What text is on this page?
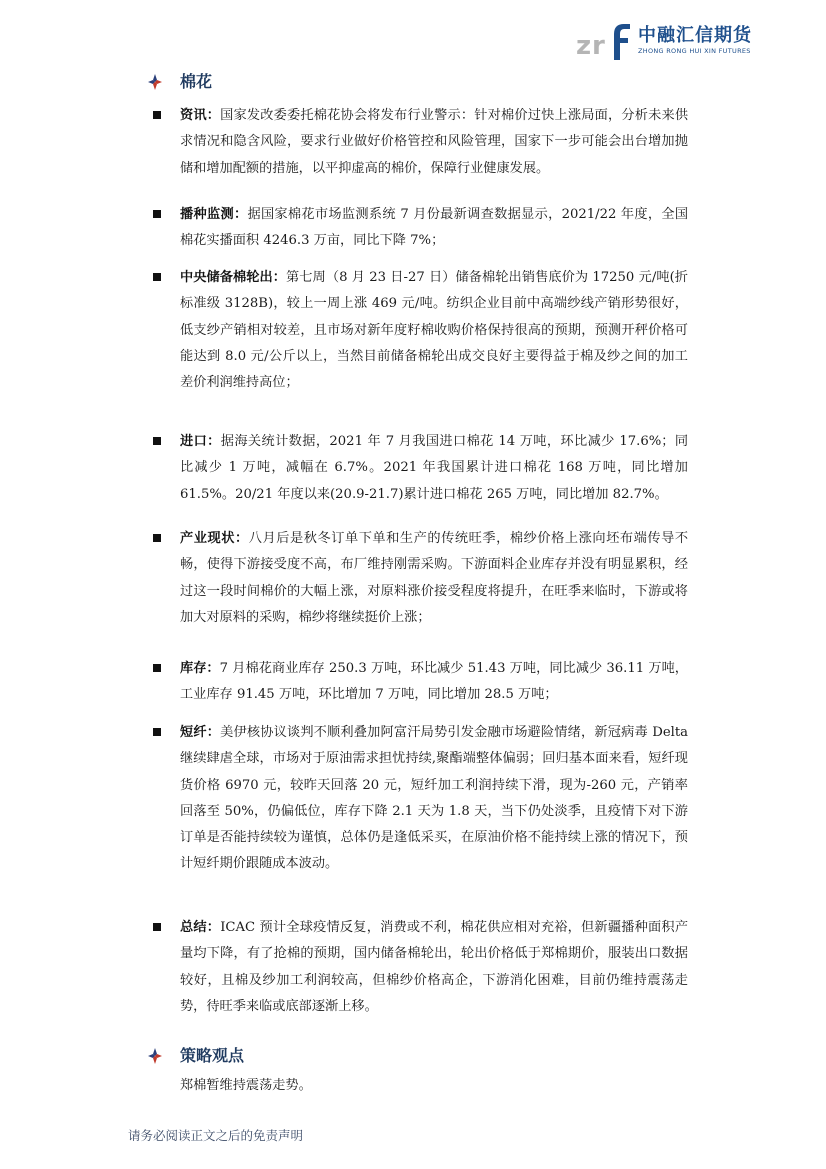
z r 中融汇信期货
ZHONG RONG HUI XIN FUTURES
棉花
资讯：国家发改委委托棉花协会将发布行业警示：针对棉价过快上涨局面，分析未来供求情况和隐含风险，要求行业做好价格管控和风险管理，国家下一步可能会出台增加抛储和增加配额的措施，以平抑虚高的棉价，保障行业健康发展。
播种监测：据国家棉花市场监测系统 7 月份最新调查数据显示，2021/22 年度，全国棉花实播面积 4246.3 万亩，同比下降 7%；
中央储备棉轮出：第七周（8 月 23 日-27 日）储备棉轮出销售底价为 17250 元/吨(折标准级 3128B)，较上一周上涨 469 元/吨。纺织企业目前中高端纱线产销形势很好，低支纱产销相对较差，且市场对新年度籽棉收购价格保持很高的预期，预测开秤价格可能达到 8.0 元/公斤以上，当然目前储备棉轮出成交良好主要得益于棉及纱之间的加工差价利润维持高位；
进口：据海关统计数据，2021 年 7 月我国进口棉花 14 万吨，环比减少 17.6%；同比减少 1 万吨，减幅在 6.7%。2021 年我国累计进口棉花 168 万吨，同比增加 61.5%。20/21 年度以来(20.9-21.7)累计进口棉花 265 万吨，同比增加 82.7%。
产业现状：八月后是秋冬订单下单和生产的传统旺季，棉纱价格上涨向坯布端传导不畅，使得下游接受度不高，布厂维持刚需采购。下游面料企业库存并没有明显累积，经过这一段时间棉价的大幅上涨，对原料涨价接受程度将提升，在旺季来临时，下游或将加大对原料的采购，棉纱将继续挺价上涨；
库存：7 月棉花商业库存 250.3 万吨，环比减少 51.43 万吨，同比减少 36.11 万吨，工业库存 91.45 万吨，环比增加 7 万吨，同比增加 28.5 万吨；
短纤：美伊核协议谈判不顺利叠加阿富汗局势引发金融市场避险情绪，新冠病毒 Delta 继续肆虐全球，市场对于原油需求担忧持续,聚酯端整体偏弱；回归基本面来看，短纤现货价格 6970 元，较昨天回落 20 元，短纤加工利润持续下滑，现为-260 元，产销率回落至 50%，仍偏低位，库存下降 2.1 天为 1.8 天，当下仍处淡季，且疫情下对下游订单是否能持续较为谨慎，总体仍是逢低采买，在原油价格不能持续上涨的情况下，预计短纤期价跟随成本波动。
总结：ICAC 预计全球疫情反复，消费或不利，棉花供应相对充裕，但新疆播种面积产量均下降，有了抢棉的预期，国内储备棉轮出，轮出价格低于郑棉期价，服装出口数据较好，且棉及纱加工利润较高，但棉纱价格高企，下游消化困难，目前仍维持震荡走势，待旺季来临或底部逐渐上移。
策略观点
郑棉暂维持震荡走势。
请务必阅读正文之后的免责声明
